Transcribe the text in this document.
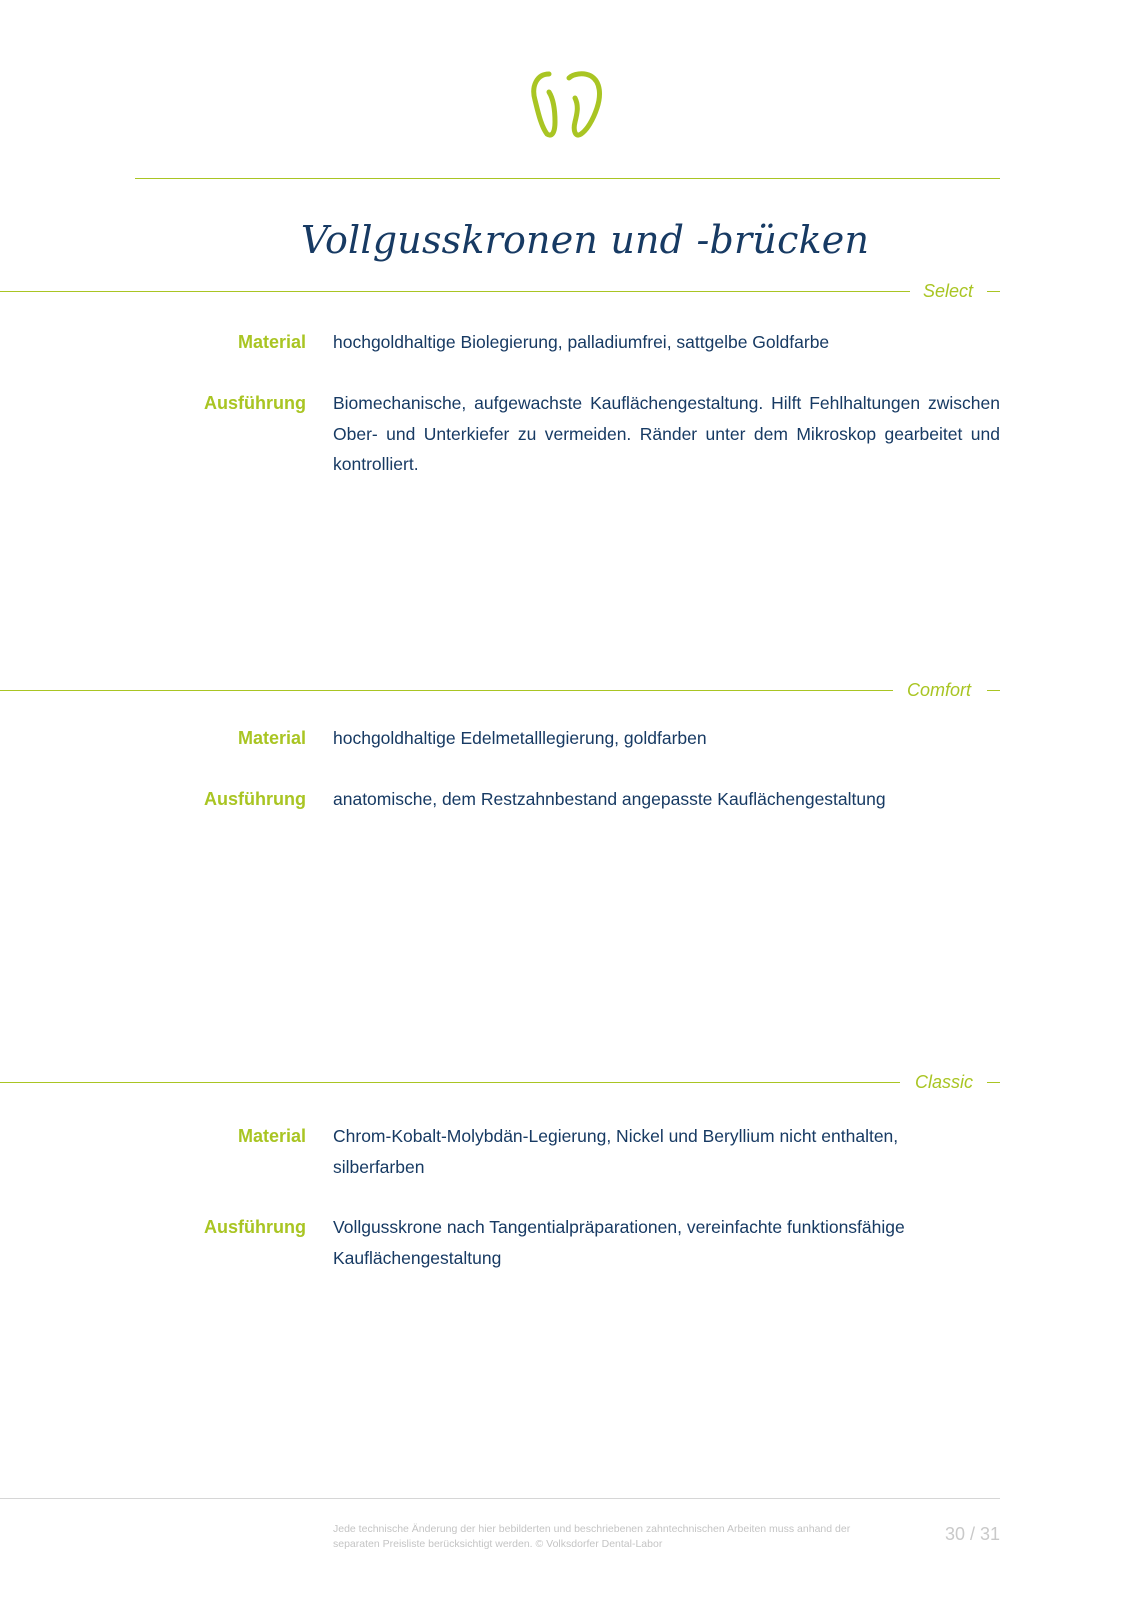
Vollgusskronen und -brücken
Select
Material hochgoldhaltige Biolegierung, palladiumfrei, sattgelbe Goldfarbe
Ausführung Biomechanische, aufgewachste Kauflächengestaltung. Hilft Fehlhaltungen zwischen Ober- und Unterkiefer zu vermeiden. Ränder unter dem Mikroskop gearbeitet und kontrolliert.
Comfort
Material hochgoldhaltige Edelmetalllegierung, goldfarben
Ausführung anatomische, dem Restzahnbestand angepasste Kauflächengestaltung
Classic
Material Chrom-Kobalt-Molybdän-Legierung, Nickel und Beryllium nicht enthalten, silberfarben
Ausführung Vollgusskrone nach Tangentialpräparationen, vereinfachte funktionsfähige Kauflächengestaltung
Jede technische Änderung der hier bebilderten und beschriebenen zahntechnischen Arbeiten muss anhand der separaten Preisliste berücksichtigt werden. © Volksdorfer Dental-Labor	30 / 31
